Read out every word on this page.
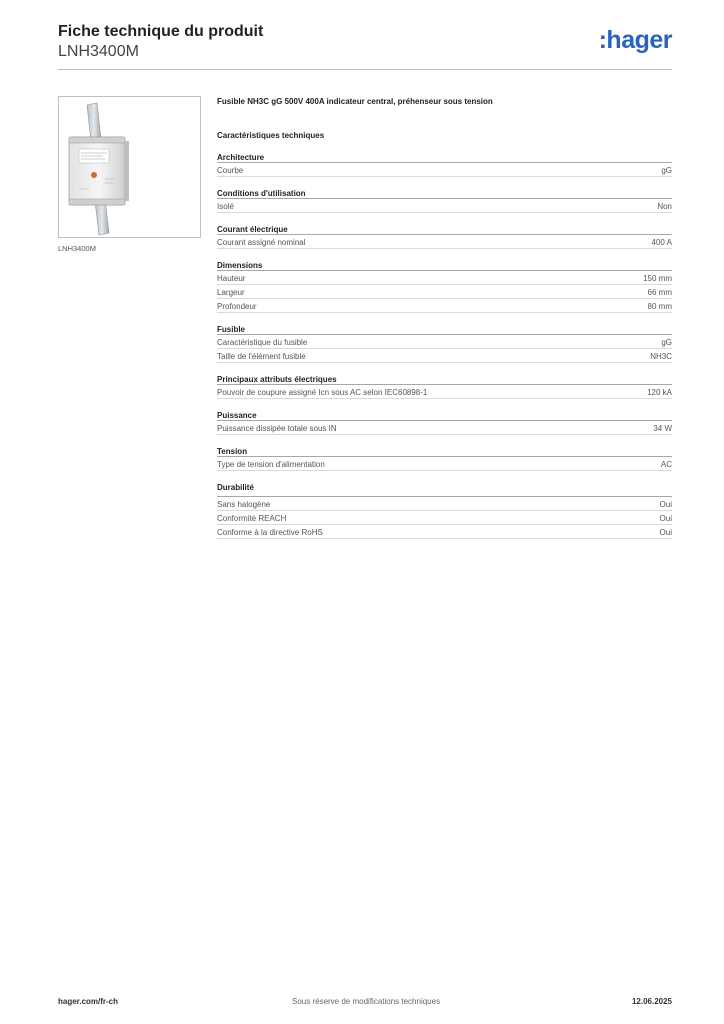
Fiche technique du produit
LNH3400M	:hager
LNH3400M
Fusible NH3C gG 500V 400A indicateur central, préhenseur sous tension
Caractéristiques techniques
Architecture
Courbe	gG
Conditions d'utilisation
Isolé	Non
Courant électrique
Courant assigné nominal	400 A
Dimensions
Hauteur	150 mm
Largeur	66 mm
Profondeur	80 mm
Fusible
Caractéristique du fusible	gG
Taille de l'élément fusible	NH3C
Principaux attributs électriques
Pouvoir de coupure assigné Icn sous AC selon IEC60898-1	120 kA
Puissance
Puissance dissipée totale sous IN	34 W
Tension
Type de tension d'alimentation	AC
Durabilité
Sans halogène	Oui
Conformité REACH	Oui
Conforme à la directive RoHS	Oui
hager.com/fr-ch	Sous réserve de modifications techniques	12.06.2025
